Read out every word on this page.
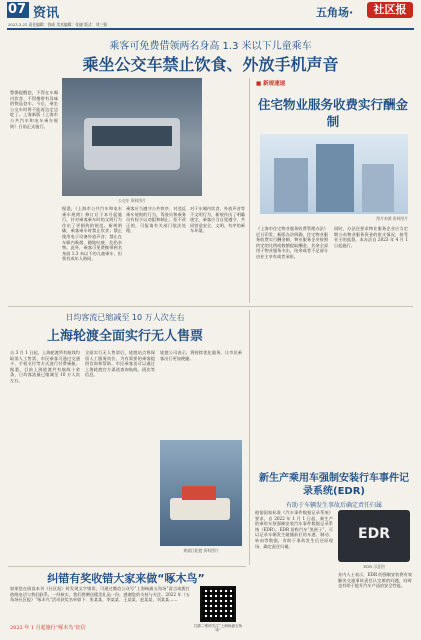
07 资讯
2023.3.21 责任编辑：钱威 美术编辑：张捷 版式：刘三强
五角场·	社区报
乘客可免费借领两名身高 1.3 米以下儿童乘车
乘坐公交车禁止饮食、外放手机声音
警惕提醒您，不得在车厢内饮食、不得携带有异味的物品登车。今后，乘坐公交车时将不能再边走边吃了。上海新版《上海市公共汽车和电车乘车规则》日前正式施行。
公交车 资料图片
据悉，《上海市公共汽车和电车乘车规则》修订后于本月起施行，针对乘客乘车时的文明行为作出了更细致的规范。新规明确，乘客乘车时禁止饮食；禁止使用电子设备外放声音；禁止在车厢内吸烟、随地吐痰、乱扔杂物。此外，乘客可免费携带两名身高 1.3 米以下的儿童乘车，但须有成年人陪同。
乘客应当遵守公共秩序，对违反乘车规则的行为，驾驶员和乘务员有权予以劝阻和制止；拒不改正的，可报请有关部门依法处理。
对于车厢内饮食、外放声音等不文明行为，新规作出了明确规定，乘客应当自觉遵守，共同营造安全、文明、有序的乘车环境。
■ 新规速递
住宅物业服务收费实行酬金制
图片来源 资料图片
《上海市住宅物业服务收费管理办法》近日印发。新版办法明确，住宅物业服务收费实行酬金制，物业服务企业按照约定的比例或数额提取酬金，其余全部用于物业服务支出，结余或者不足部分由业主享有或者承担。
同时，办法还要求物业服务企业应当定期公布物业服务资金的收支情况，接受业主的监督。本办法自 2023 年 4 月 1 日起施行。
日均客流已缩减至 10 万人次左右
上海轮渡全面实行无人售票
自 3 月 1 日起，上海轮渡所有航线均取消人工售票，市民乘客可通过交通卡、手机支付等方式进行付费乘船。据悉，目前上海轮渡共有航线十余条，日均客流量已缩减至 10 万人次左右。
全面实行无人售票后，轮渡站点将保留人工服务岗位，为有需要的乘客提供咨询和帮助。市民乘客也可以通过上海轮渡官方渠道查询航线、班次等信息。
轮渡公司表示，将持续优化服务，让市民乘客出行更加便捷。
黄浦江轮渡 资料图片
新生产乘用车强制安装行车事件记录系统(EDR)
有助于车辆发生事故后确定责任归属
根据国家标准《汽车事件数据记录系统》要求，自 2022 年 1 月 1 日起，新生产的乘用车须强制安装汽车事件数据记录系统（EDR）。EDR 俗称汽车“黑匣子”，可以记录车辆发生碰撞前后的车速、制动、转向等数据，有助于事故发生后还原现场、确定责任归属。
EDR
EDR 示意图
业内人士表示，EDR 的强制安装将有效解决交通事故责任认定难的问题，同时也有助于提升汽车产品的安全性能。
纠错有奖收错大家来做“啄木鸟”
如果您在阅读本刊《社区报》时发现文字错误，可通过微信公众号“上海杨浦五角场”留言或拨打热线电话与我们联系。一经核实，我们将赠送精美礼品一份，感谢您的支持与关注。2022 年《五角场社区报》“啄木鸟”活动获奖名单如下：张某某、李某某、王某某、赵某某、刘某某……
2022 年 1 月起施行“啄木鸟”征信	扫描二维码关注“上海杨浦五角场”
